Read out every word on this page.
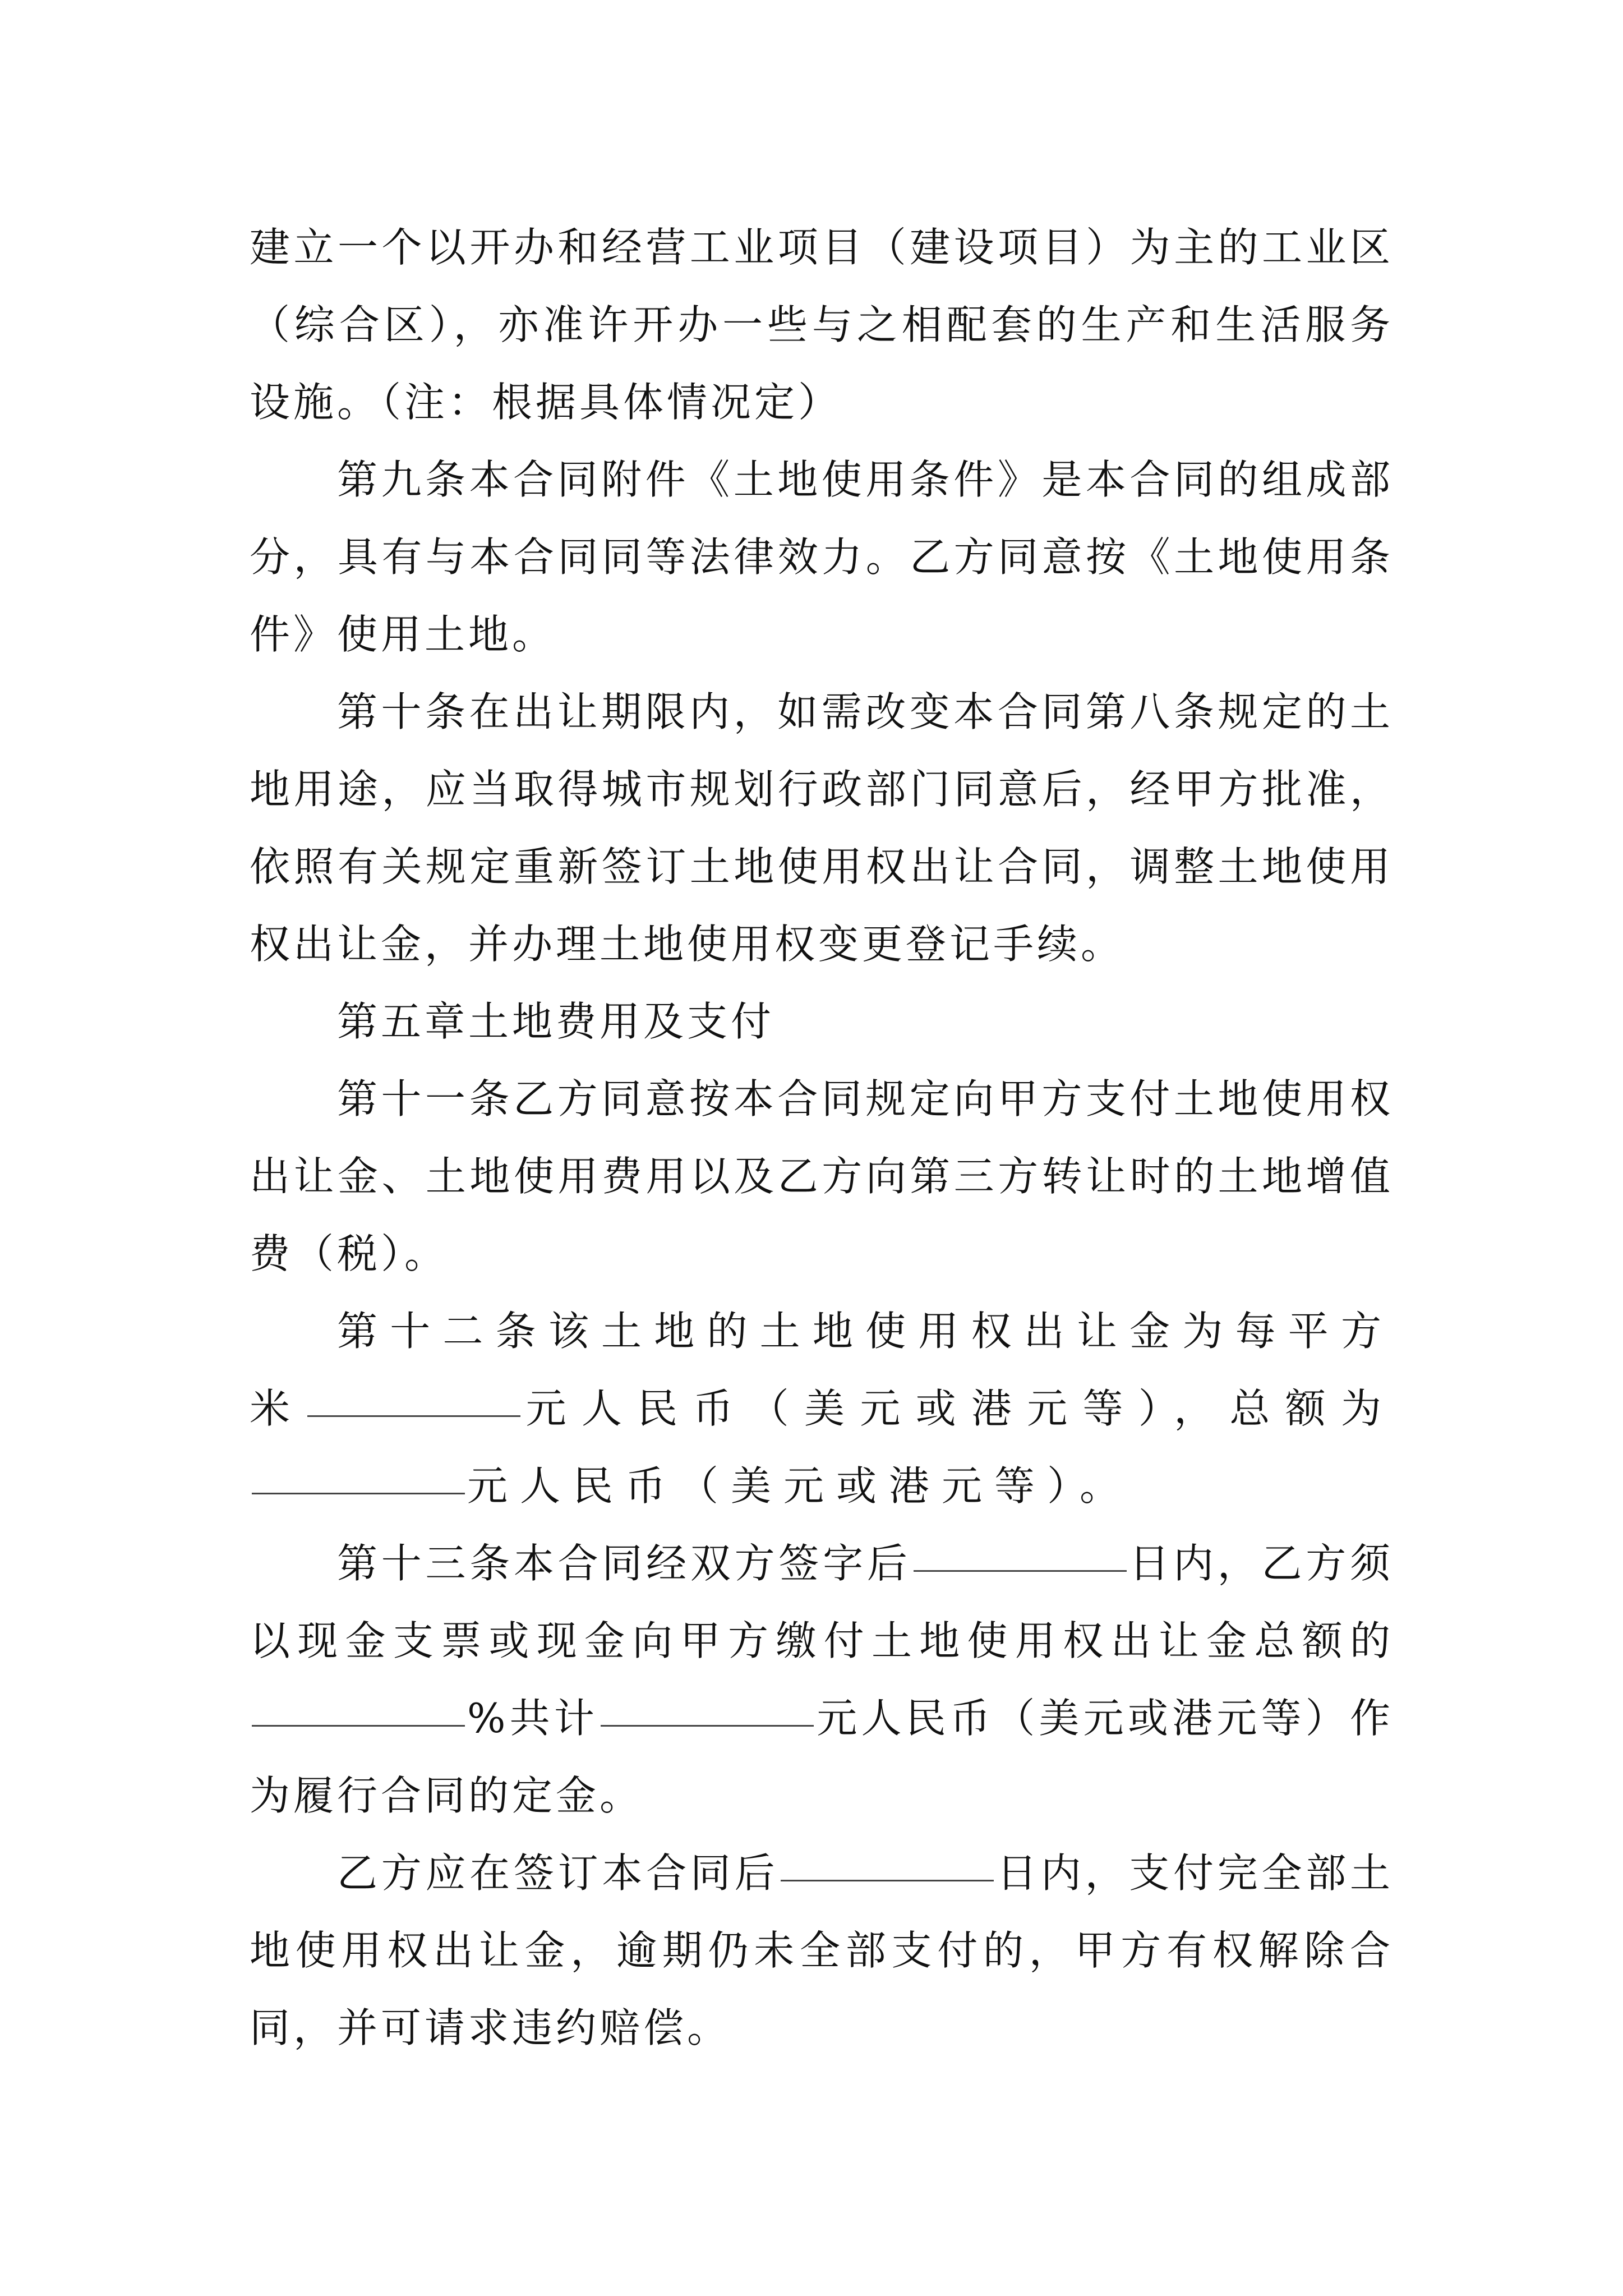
建立一个以开办和经营工业项目（建设项目）为主的工业区（综合区），亦准许开办一些与之相配套的生产和生活服务设施。（注：根据具体情况定）

第九条本合同附件《土地使用条件》是本合同的组成部分，具有与本合同同等法律效力。乙方同意按《土地使用条件》使用土地。

第十条在出让期限内，如需改变本合同第八条规定的土地用途，应当取得城市规划行政部门同意后，经甲方批准，依照有关规定重新签订土地使用权出让合同，调整土地使用权出让金，并办理土地使用权变更登记手续。

第五章土地费用及支付

第十一条乙方同意按本合同规定向甲方支付土地使用权出让金、土地使用费用以及乙方向第三方转让时的土地增值费（税）。

第十二条该土地的土地使用权出让金为每平方米	元人民币（美元或港元等），总额为元人民币（美元或港元等）。

第十三条本合同经双方签字后	日内，乙方须以现金支票或现金向甲方缴付土地使用权出让金总额的%共计	元人民币（美元或港元等）作为履行合同的定金。

乙方应在签订本合同后	日内，支付完全部土地使用权出让金，逾期仍未全部支付的，甲方有权解除合同，并可请求违约赔偿。
